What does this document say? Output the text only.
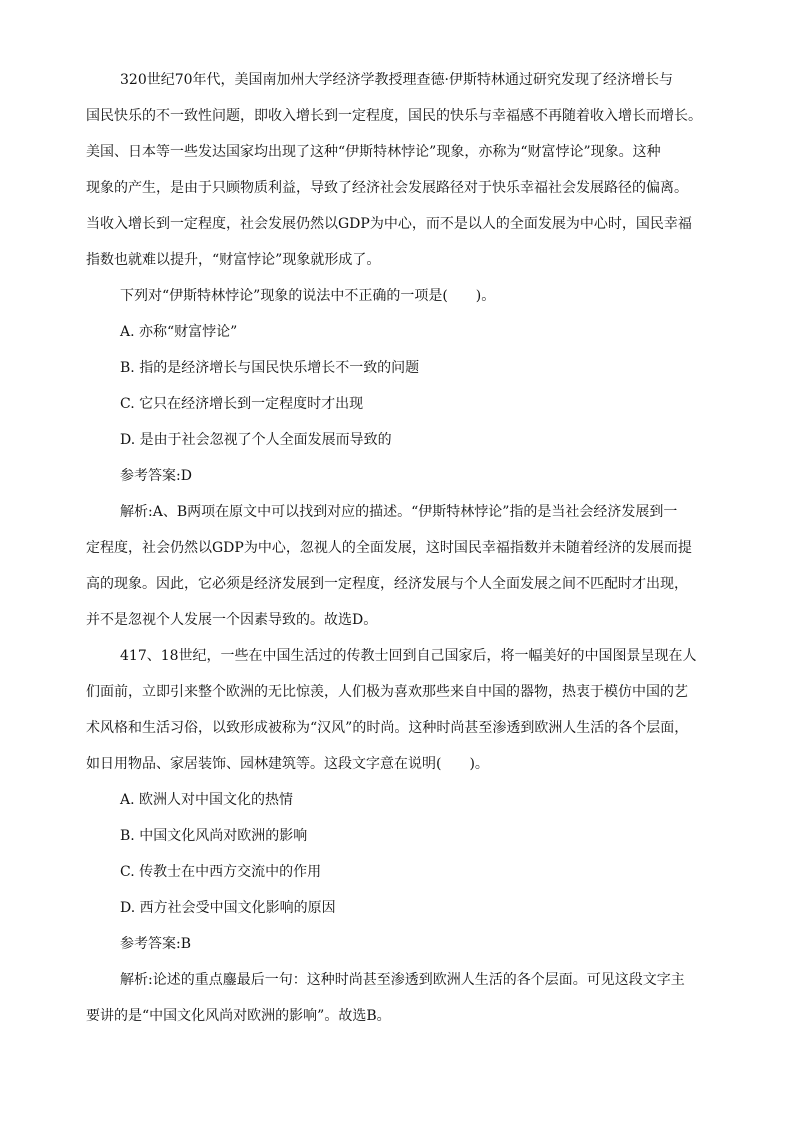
320世纪70年代，美国南加州大学经济学教授理查德·伊斯特林通过研究发现了经济增长与
国民快乐的不一致性问题，即收入增长到一定程度，国民的快乐与幸福感不再随着收入增长而增长。
美国、日本等一些发达国家均出现了这种“伊斯特林悖论”现象，亦称为“财富悖论”现象。这种
现象的产生，是由于只顾物质利益，导致了经济社会发展路径对于快乐幸福社会发展路径的偏离。
当收入增长到一定程度，社会发展仍然以GDP为中心，而不是以人的全面发展为中心时，国民幸福
指数也就难以提升，“财富悖论”现象就形成了。
下列对“伊斯特林悖论”现象的说法中不正确的一项是(　　)。
A. 亦称“财富悖论”
B. 指的是经济增长与国民快乐增长不一致的问题
C. 它只在经济增长到一定程度时才出现
D. 是由于社会忽视了个人全面发展而导致的
参考答案:D
解析:A、B两项在原文中可以找到对应的描述。“伊斯特林悖论”指的是当社会经济发展到一
定程度，社会仍然以GDP为中心，忽视人的全面发展，这时国民幸福指数并未随着经济的发展而提
高的现象。因此，它必须是经济发展到一定程度，经济发展与个人全面发展之间不匹配时才出现，
并不是忽视个人发展一个因素导致的。故选D。
417、18世纪，一些在中国生活过的传教士回到自己国家后，将一幅美好的中国图景呈现在人
们面前，立即引来整个欧洲的无比惊羡，人们极为喜欢那些来自中国的器物，热衷于模仿中国的艺
术风格和生活习俗，以致形成被称为“汉风”的时尚。这种时尚甚至渗透到欧洲人生活的各个层面，
如日用物品、家居装饰、园林建筑等。这段文字意在说明(　　)。
A. 欧洲人对中国文化的热情
B. 中国文化风尚对欧洲的影响
C. 传教士在中西方交流中的作用
D. 西方社会受中国文化影响的原因
参考答案:B
解析:论述的重点鏖最后一句：这种时尚甚至渗透到欧洲人生活的各个层面。可见这段文字主
要讲的是“中国文化风尚对欧洲的影响”。故选B。
